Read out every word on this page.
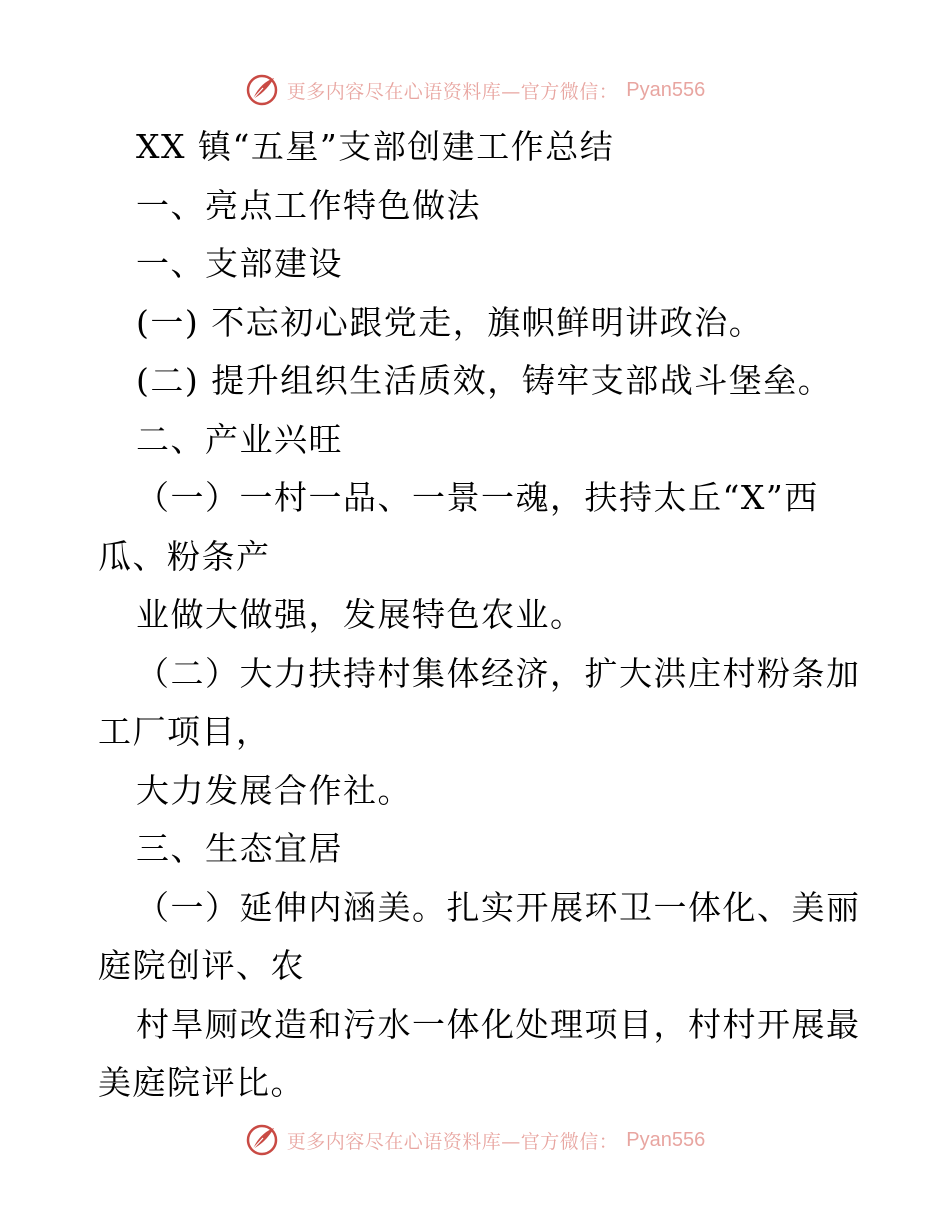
更多内容尽在心语资料库—官方微信： Pyan556
XX 镇“五星”支部创建工作总结
一、亮点工作特色做法
一、支部建设
(一) 不忘初心跟党走，旗帜鲜明讲政治。
(二) 提升组织生活质效，铸牢支部战斗堡垒。
二、产业兴旺
（一）一村一品、一景一魂，扶持太丘“X”西
瓜、粉条产
业做大做强，发展特色农业。
（二）大力扶持村集体经济，扩大洪庄村粉条加
工厂项目，
大力发展合作社。
三、生态宜居
（一）延伸内涵美。扎实开展环卫一体化、美丽
庭院创评、农
村旱厕改造和污水一体化处理项目，村村开展最
美庭院评比。
更多内容尽在心语资料库—官方微信： Pyan556
